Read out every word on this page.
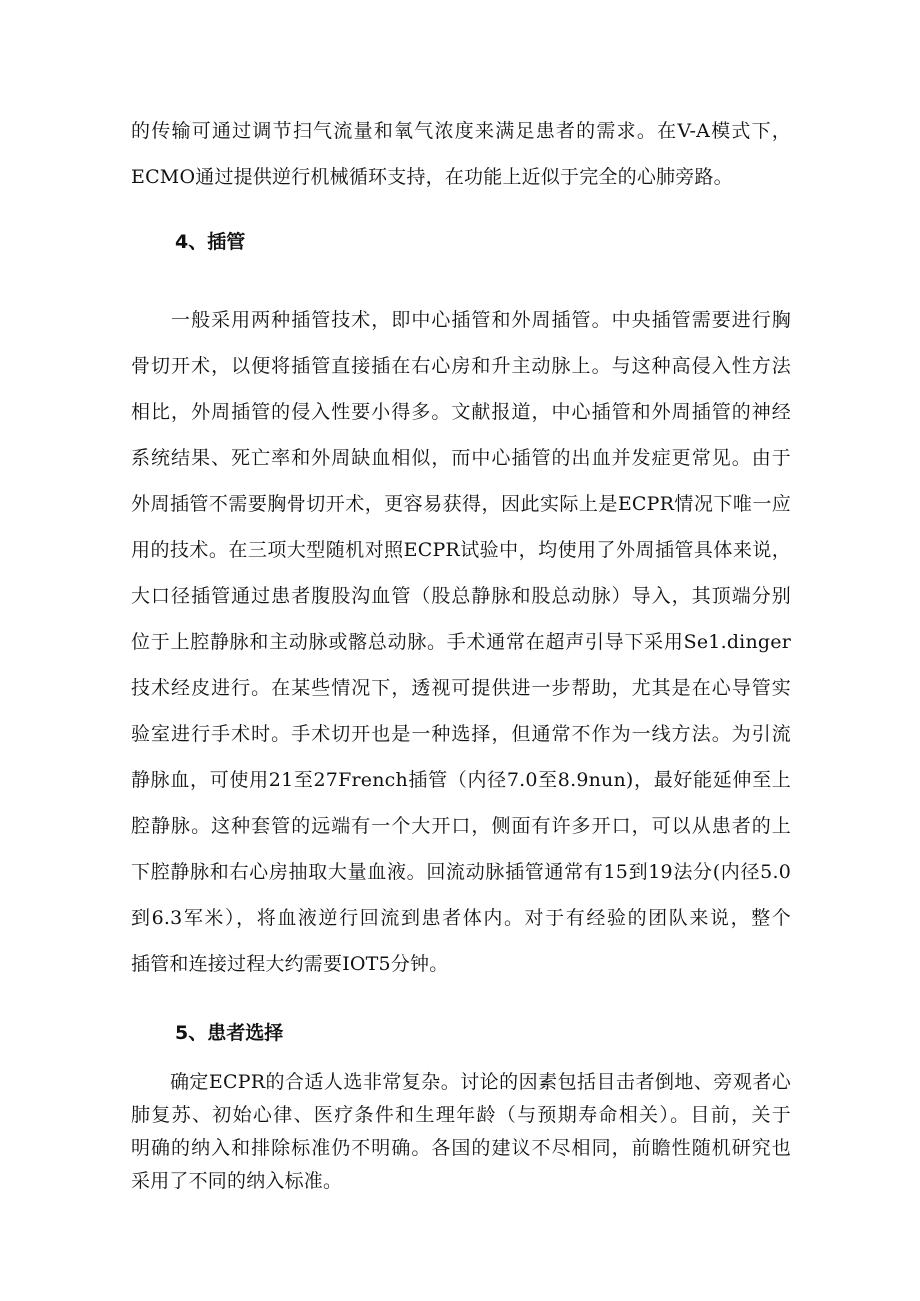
的传输可通过调节扫气流量和氧气浓度来满足患者的需求。在V-A模式下，
ECMO通过提供逆行机械循环支持，在功能上近似于完全的心肺旁路。
4、插管
　　一般采用两种插管技术，即中心插管和外周插管。中央插管需要进行胸
骨切开术，以便将插管直接插在右心房和升主动脉上。与这种高侵入性方法
相比，外周插管的侵入性要小得多。文献报道，中心插管和外周插管的神经
系统结果、死亡率和外周缺血相似，而中心插管的出血并发症更常见。由于
外周插管不需要胸骨切开术，更容易获得，因此实际上是ECPR情况下唯一应
用的技术。在三项大型随机对照ECPR试验中，均使用了外周插管具体来说，
大口径插管通过患者腹股沟血管（股总静脉和股总动脉）导入，其顶端分别
位于上腔静脉和主动脉或髂总动脉。手术通常在超声引导下采用Se1.dinger
技术经皮进行。在某些情况下，透视可提供进一步帮助，尤其是在心导管实
验室进行手术时。手术切开也是一种选择，但通常不作为一线方法。为引流
静脉血，可使用21至27French插管（内径7.0至8.9nun)，最好能延伸至上
腔静脉。这种套管的远端有一个大开口，侧面有许多开口，可以从患者的上
下腔静脉和右心房抽取大量血液。回流动脉插管通常有15到19法分(内径5.0
到6.3军米），将血液逆行回流到患者体内。对于有经验的团队来说，整个
插管和连接过程大约需要IOT5分钟。
5、患者选择
　　确定ECPR的合适人选非常复杂。讨论的因素包括目击者倒地、旁观者心
肺复苏、初始心律、医疗条件和生理年龄（与预期寿命相关）。目前，关于
明确的纳入和排除标准仍不明确。各国的建议不尽相同，前瞻性随机研究也
采用了不同的纳入标准。
